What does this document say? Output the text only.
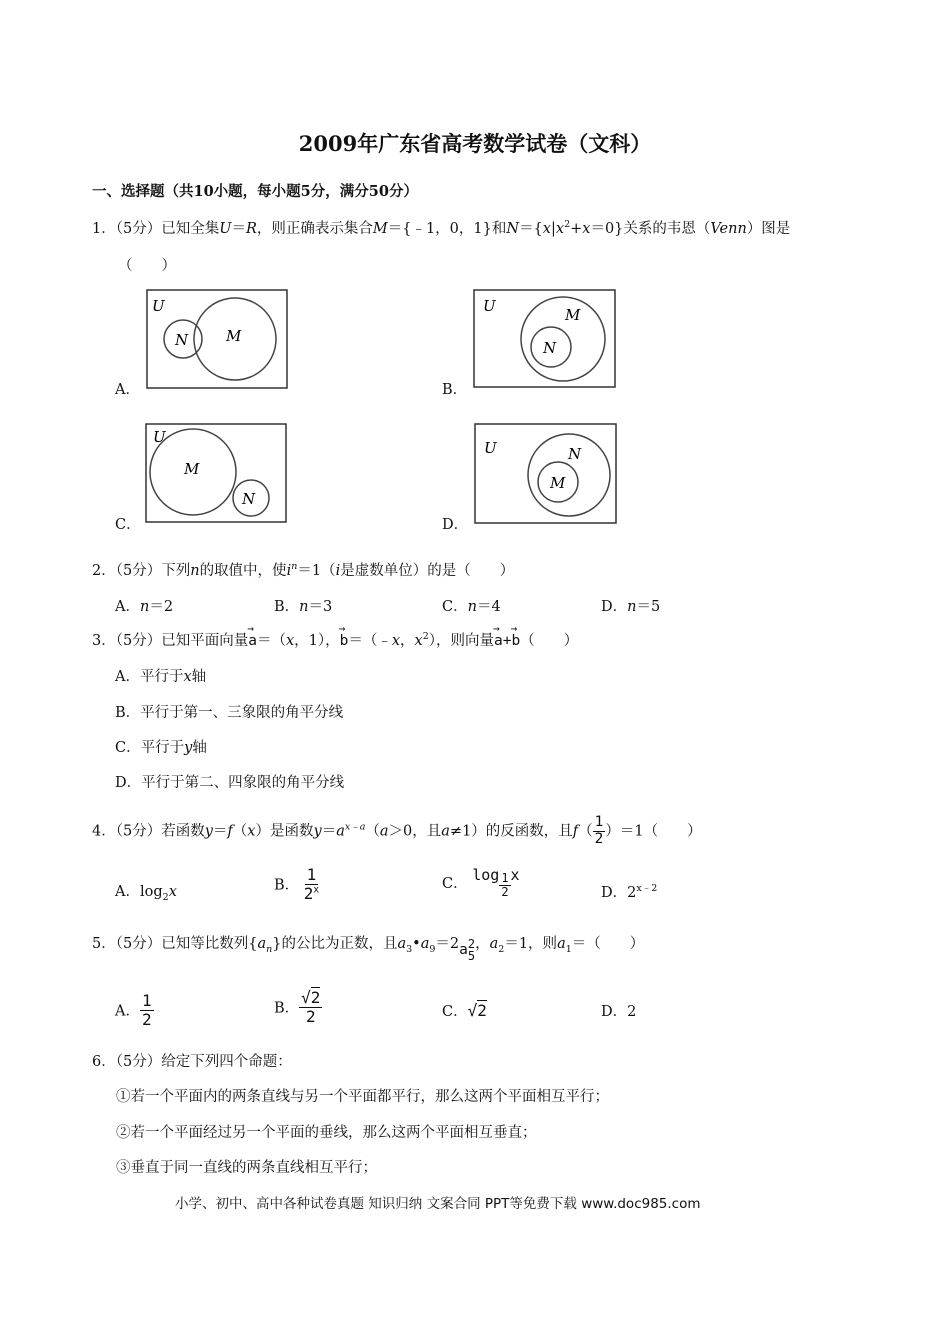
2009年广东省高考数学试卷（文科）
一、选择题（共10小题，每小题5分，满分50分）
1．（5分）已知全集U＝R，则正确表示集合M＝{﹣1，0，1}和$N=\{x|x^2+x=0\}$关系的韦恩（Venn）图是
（　　）
A．	B．
C．	D．
U
M
N
U	M
N
U
M
N
U	N
M
2．（5分）下列n的取值中，使$i^n=1(i$是虚数单位）的是（　　）
A．n＝2	B．n＝3	C．n＝4	D．n＝5
3．（5分）已知平面向量→ a＝（x，1），→ b＝（﹣x，$x^2$），则向量→ a+→ b（　　）
A．平行于x轴
B．平行于第一、三象限的角平分线
C．平行于y轴
D．平行于第二、四象限的角平分线
4．（5分）若函数y＝f（x）是函数$y=a^{x﹣a}(a>0$，且a≠1）的反函数，且$f( \frac{1}{2} )=1$（　　）
A．$\log_2x$	B． $\frac{1}{2^x}$	C． $\log \frac{1}{2}$ x
D．$2^{x﹣2}$
5．（5分）已知等比数列$\{a_n\}$的公比为正数，且$a_3•a_9=2a$ 2
5
，$a_2=1$，则$a_1=$（　　）
A． $\frac{1}{2}$	B． $\frac{√2}{2}$	C．√2	D．2
6．（5分）给定下列四个命题：
①若一个平面内的两条直线与另一个平面都平行，那么这两个平面相互平行；
②若一个平面经过另一个平面的垂线，那么这两个平面相互垂直；
③垂直于同一直线的两条直线相互平行；
小学、初中、高中各种试卷真题 知识归纳 文案合同 PPT等免费下载 www.doc985.com
